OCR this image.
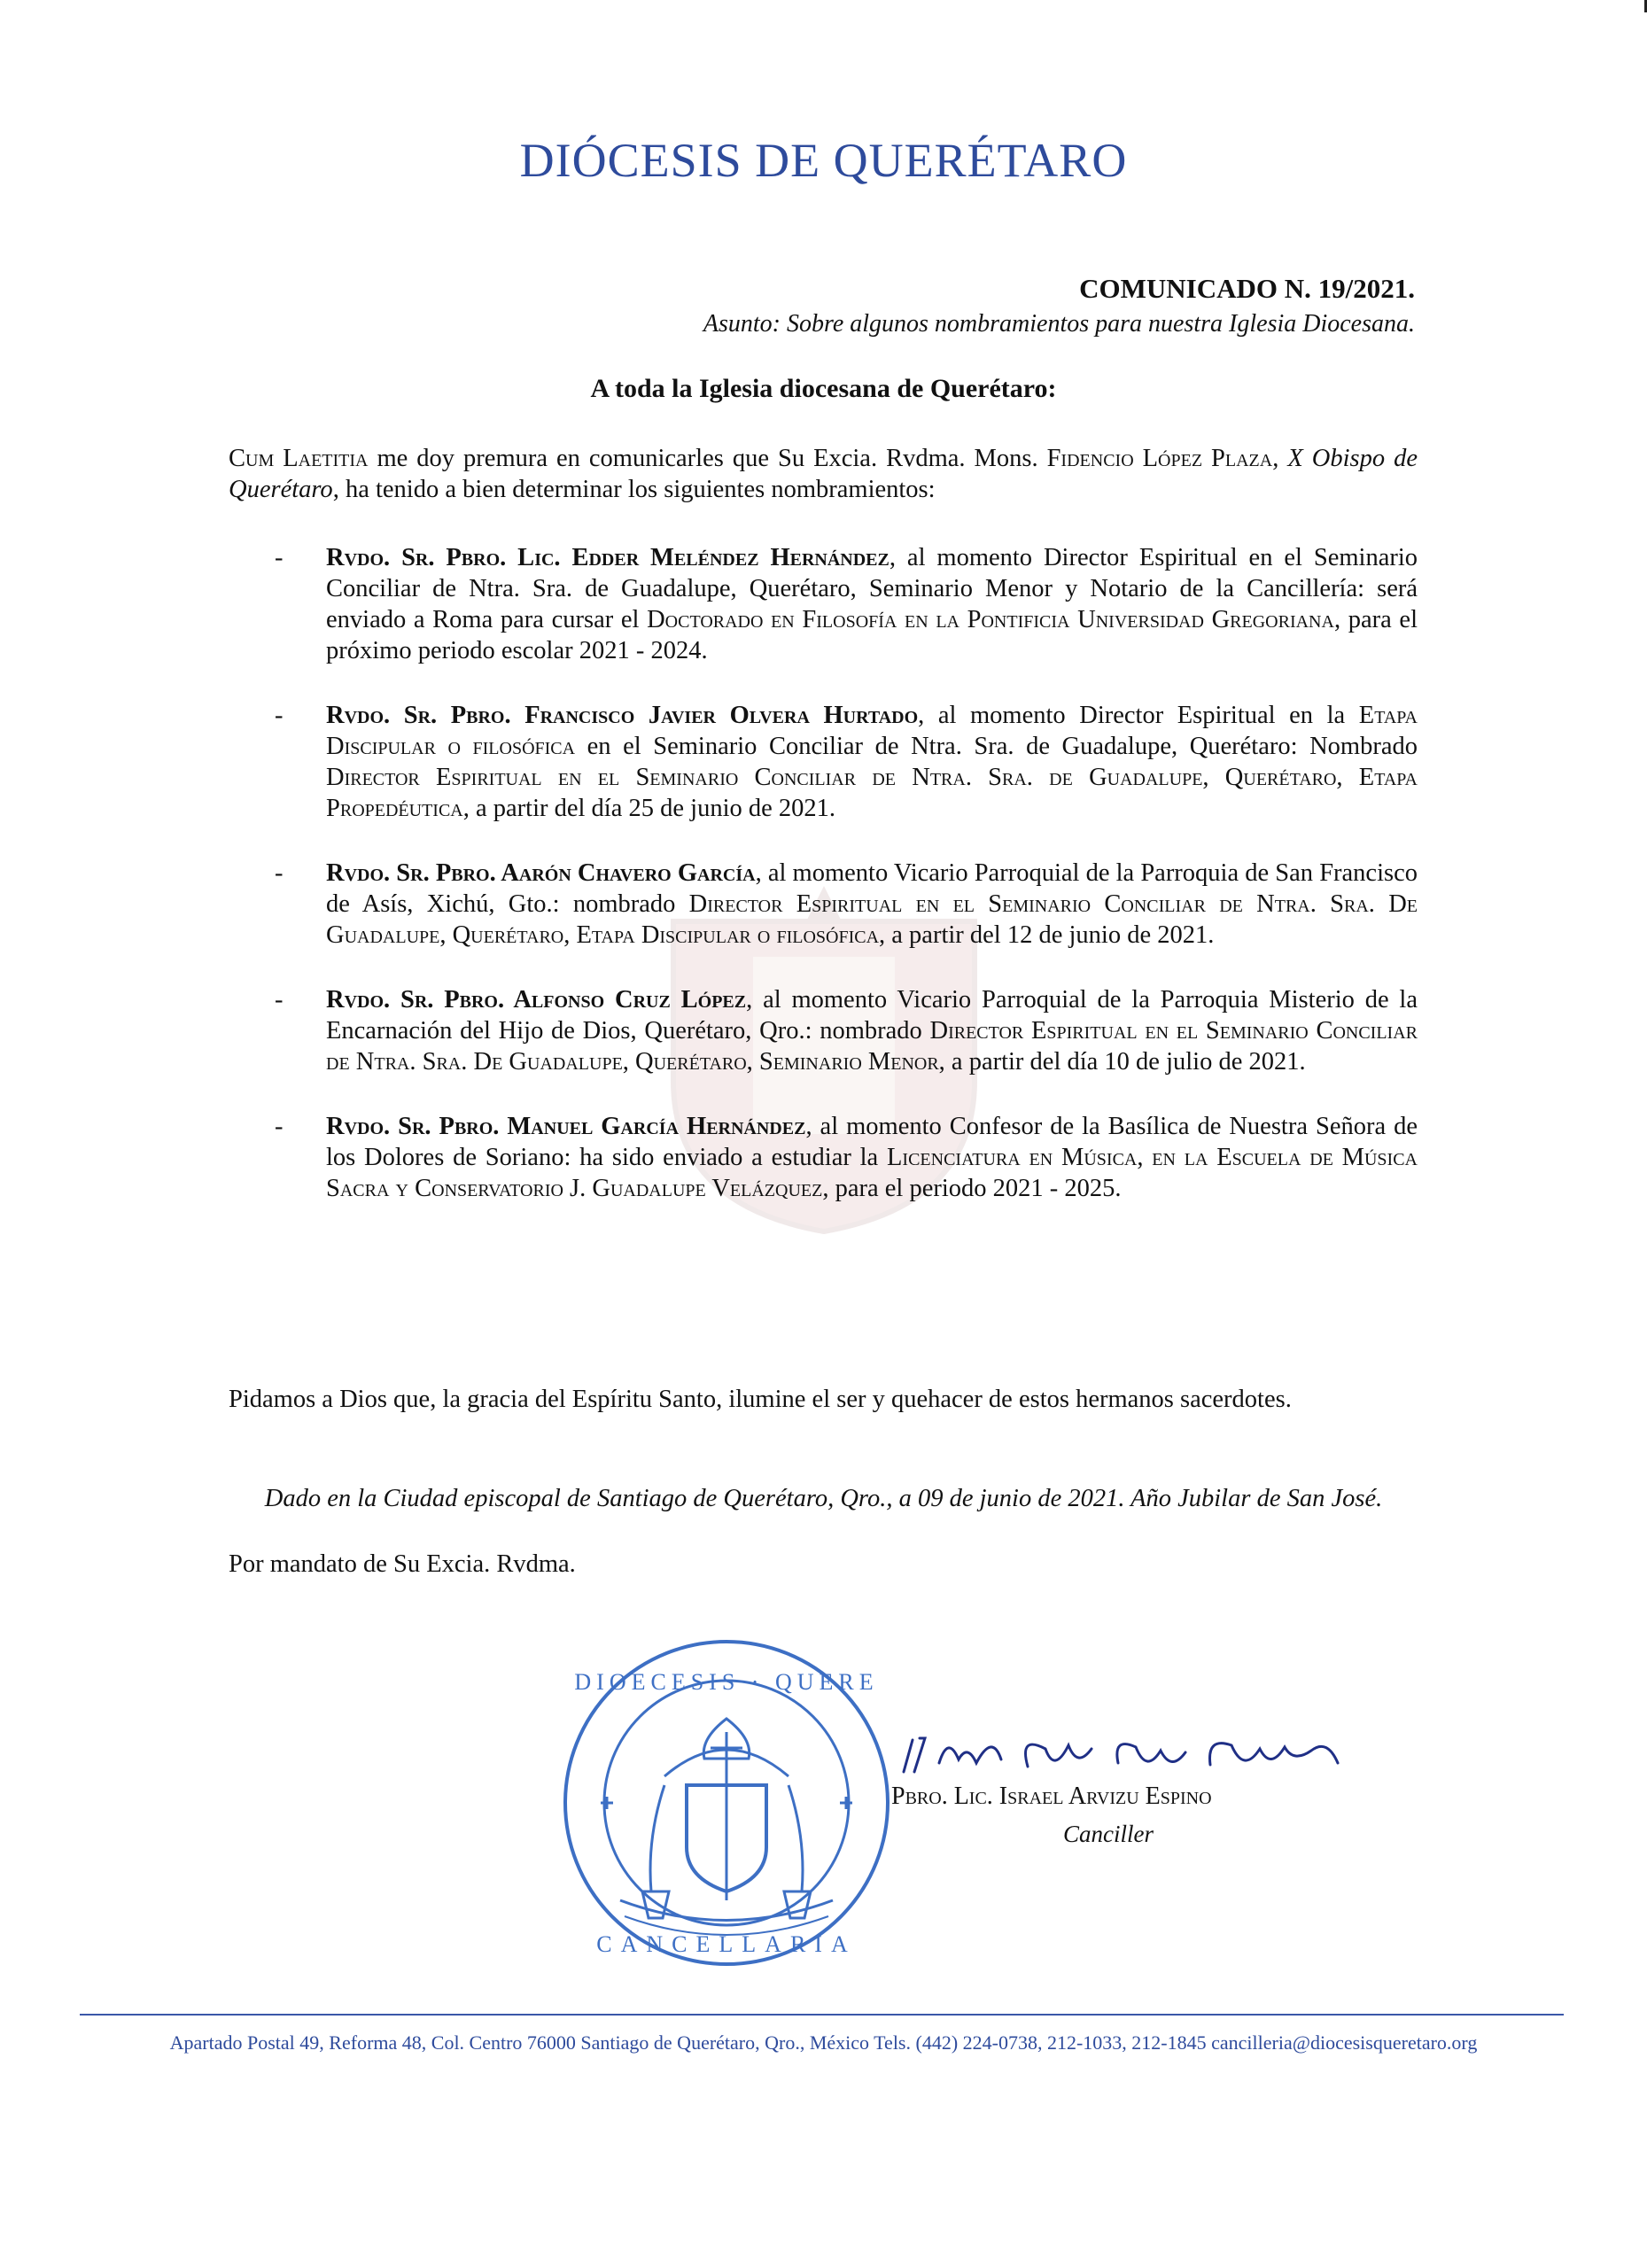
DIÓCESIS DE QUERÉTARO
COMUNICADO N. 19/2021.
Asunto: Sobre algunos nombramientos para nuestra Iglesia Diocesana.
A toda la Iglesia diocesana de Querétaro:
Cum Laetitia me doy premura en comunicarles que Su Excia. Rvdma. Mons. Fidencio López Plaza, X Obispo de Querétaro, ha tenido a bien determinar los siguientes nombramientos:
- Rvdo. Sr. Pbro. Lic. Edder Meléndez Hernández, al momento Director Espiritual en el Seminario Conciliar de Ntra. Sra. de Guadalupe, Querétaro, Seminario Menor y Notario de la Cancillería: será enviado a Roma para cursar el Doctorado en Filosofía en la Pontificia Universidad Gregoriana, para el próximo periodo escolar 2021 - 2024.
- Rvdo. Sr. Pbro. Francisco Javier Olvera Hurtado, al momento Director Espiritual en la Etapa Discipular o filosófica en el Seminario Conciliar de Ntra. Sra. de Guadalupe, Querétaro: Nombrado Director Espiritual en el Seminario Conciliar de Ntra. Sra. de Guadalupe, Querétaro, Etapa Propedéutica, a partir del día 25 de junio de 2021.
- Rvdo. Sr. Pbro. Aarón Chavero García, al momento Vicario Parroquial de la Parroquia de San Francisco de Asís, Xichú, Gto.: nombrado Director Espiritual en el Seminario Conciliar de Ntra. Sra. De Guadalupe, Querétaro, Etapa Discipular o filosófica, a partir del 12 de junio de 2021.
- Rvdo. Sr. Pbro. Alfonso Cruz López, al momento Vicario Parroquial de la Parroquia Misterio de la Encarnación del Hijo de Dios, Querétaro, Qro.: nombrado Director Espiritual en el Seminario Conciliar de Ntra. Sra. De Guadalupe, Querétaro, Seminario Menor, a partir del día 10 de julio de 2021.
- Rvdo. Sr. Pbro. Manuel García Hernández, al momento Confesor de la Basílica de Nuestra Señora de los Dolores de Soriano: ha sido enviado a estudiar la Licenciatura en Música, en la Escuela de Música Sacra y Conservatorio J. Guadalupe Velázquez, para el periodo 2021 - 2025.
Pidamos a Dios que, la gracia del Espíritu Santo, ilumine el ser y quehacer de estos hermanos sacerdotes.
Dado en la Ciudad episcopal de Santiago de Querétaro, Qro., a 09 de junio de 2021. Año Jubilar de San José.
Por mandato de Su Excia. Rvdma.
DIOECESIS · QUERE
CANCELLARIA
Pbro. Lic. Israel Arvizu Espino
Canciller
Apartado Postal 49, Reforma 48, Col. Centro 76000 Santiago de Querétaro, Qro., México Tels. (442) 224-0738, 212-1033, 212-1845 cancilleria@diocesisqueretaro.org
